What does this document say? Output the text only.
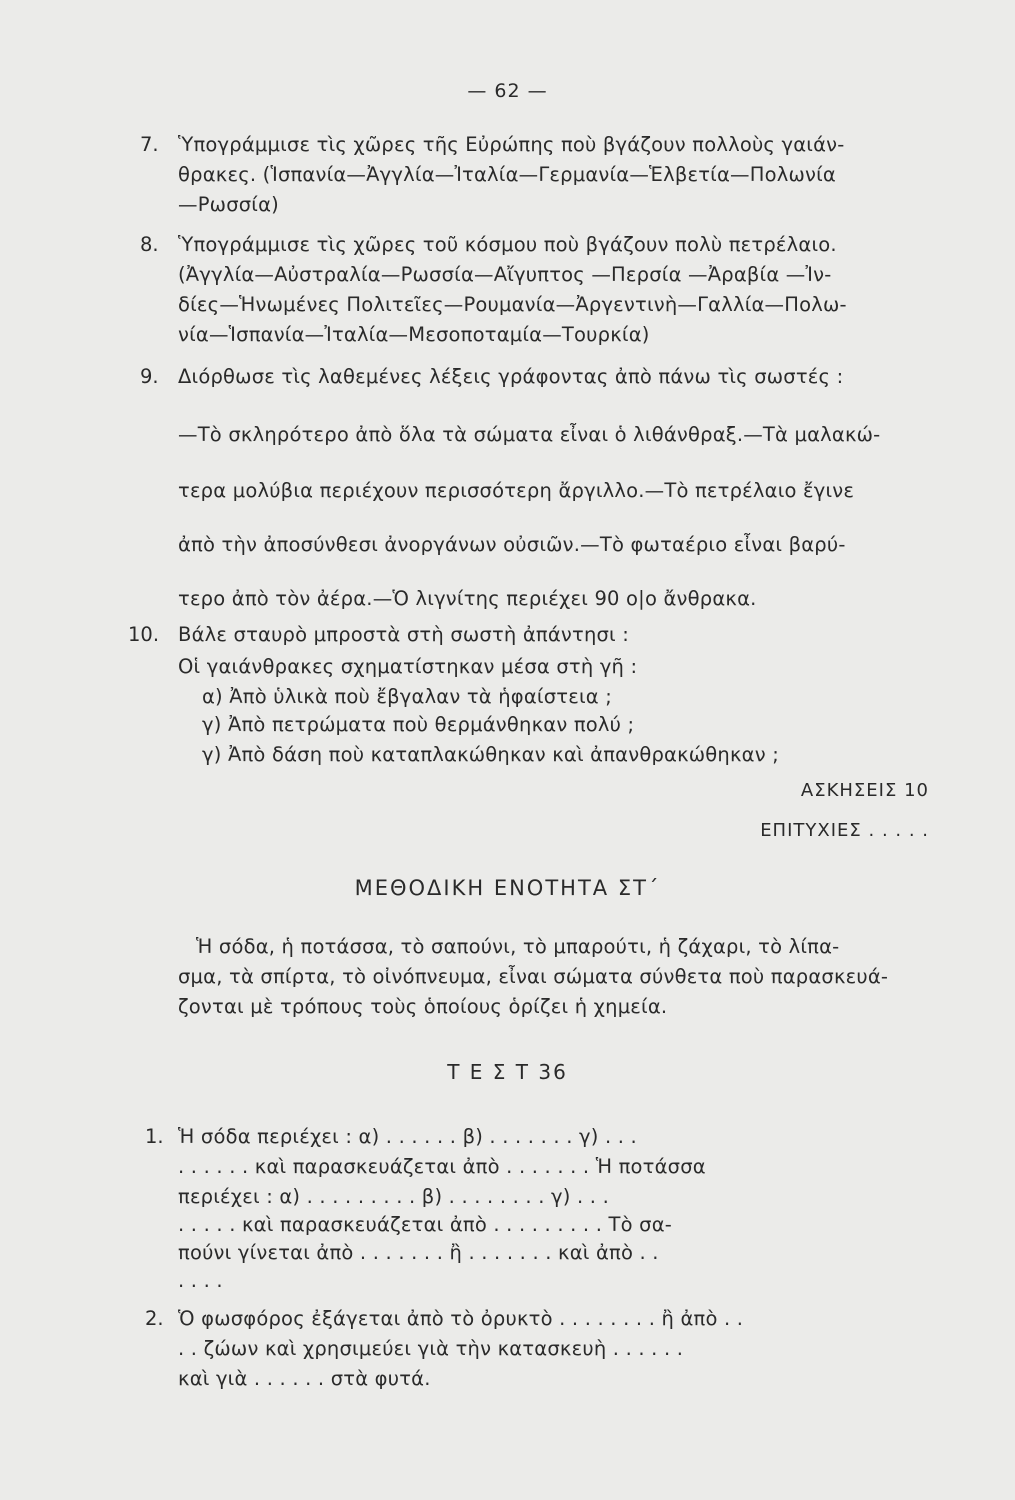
— 62 —
7. Ὑπογράμμισε τὶς χῶρες τῆς Εὐρώπης ποὺ βγάζουν πολλοὺς γαιάν-
θρακες. (Ἱσπανία—Ἀγγλία—Ἰταλία—Γερμανία—Ἑλβετία—Πολωνία
—Ρωσσία)
8. Ὑπογράμμισε τὶς χῶρες τοῦ κόσμου ποὺ βγάζουν πολὺ πετρέλαιο.
(Ἀγγλία—Αὐστραλία—Ρωσσία—Αἴγυπτος —Περσία —Ἀραβία —Ἰν-
δίες—Ἡνωμένες Πολιτεῖες—Ρουμανία—Ἀργεντινὴ—Γαλλία—Πολω-
νία—Ἱσπανία—Ἰταλία—Μεσοποταμία—Τουρκία)
9. Διόρθωσε τὶς λαθεμένες λέξεις γράφοντας ἀπὸ πάνω τὶς σωστές :
—Τὸ σκληρότερο ἀπὸ ὅλα τὰ σώματα εἶναι ὁ λιθάνθραξ.—Τὰ μαλακώ-
τερα μολύβια περιέχουν περισσότερη ἄργιλλο.—Τὸ πετρέλαιο ἔγινε
ἀπὸ τὴν ἀποσύνθεσι ἀνοργάνων οὐσιῶν.—Τὸ φωταέριο εἶναι βαρύ-
τερο ἀπὸ τὸν ἀέρα.—Ὁ λιγνίτης περιέχει 90 ο|ο ἄνθρακα.
10. Βάλε σταυρὸ μπροστὰ στὴ σωστὴ ἀπάντησι :
Οἱ γαιάνθρακες σχηματίστηκαν μέσα στὴ γῆ :
α) Ἀπὸ ὑλικὰ ποὺ ἔβγαλαν τὰ ἡφαίστεια ;
γ) Ἀπὸ πετρώματα ποὺ θερμάνθηκαν πολύ ;
γ) Ἀπὸ δάση ποὺ καταπλακώθηκαν καὶ ἀπανθρακώθηκαν ;
ΑΣΚΗΣΕΙΣ 10
ΕΠΙΤΥΧΙΕΣ . . . . .
ΜΕΘΟΔΙΚΗ ΕΝΟΤΗΤΑ ΣΤ΄
Ἡ σόδα, ἡ ποτάσσα, τὸ σαπούνι, τὸ μπαρούτι, ἡ ζάχαρι, τὸ λίπα-
σμα, τὰ σπίρτα, τὸ οἰνόπνευμα, εἶναι σώματα σύνθετα ποὺ παρασκευά-
ζονται μὲ τρόπους τοὺς ὁποίους ὁρίζει ἡ χημεία.
Τ Ε Σ Τ 36
1. Ἡ σόδα περιέχει : α) . . . . . . β) . . . . . . . γ) . . .
. . . . . . καὶ παρασκευάζεται ἀπὸ . . . . . . . Ἡ ποτάσσα
περιέχει : α) . . . . . . . . . β) . . . . . . . . γ) . . .
. . . . . καὶ παρασκευάζεται ἀπὸ . . . . . . . . . Τὸ σα-
πούνι γίνεται ἀπὸ . . . . . . . ἢ . . . . . . . καὶ ἀπὸ . .
. . . .
2. Ὁ φωσφόρος ἐξάγεται ἀπὸ τὸ ὀρυκτὸ . . . . . . . . ἢ ἀπὸ . .
. . ζώων καὶ χρησιμεύει γιὰ τὴν κατασκευὴ . . . . . .
καὶ γιὰ . . . . . . στὰ φυτά.
